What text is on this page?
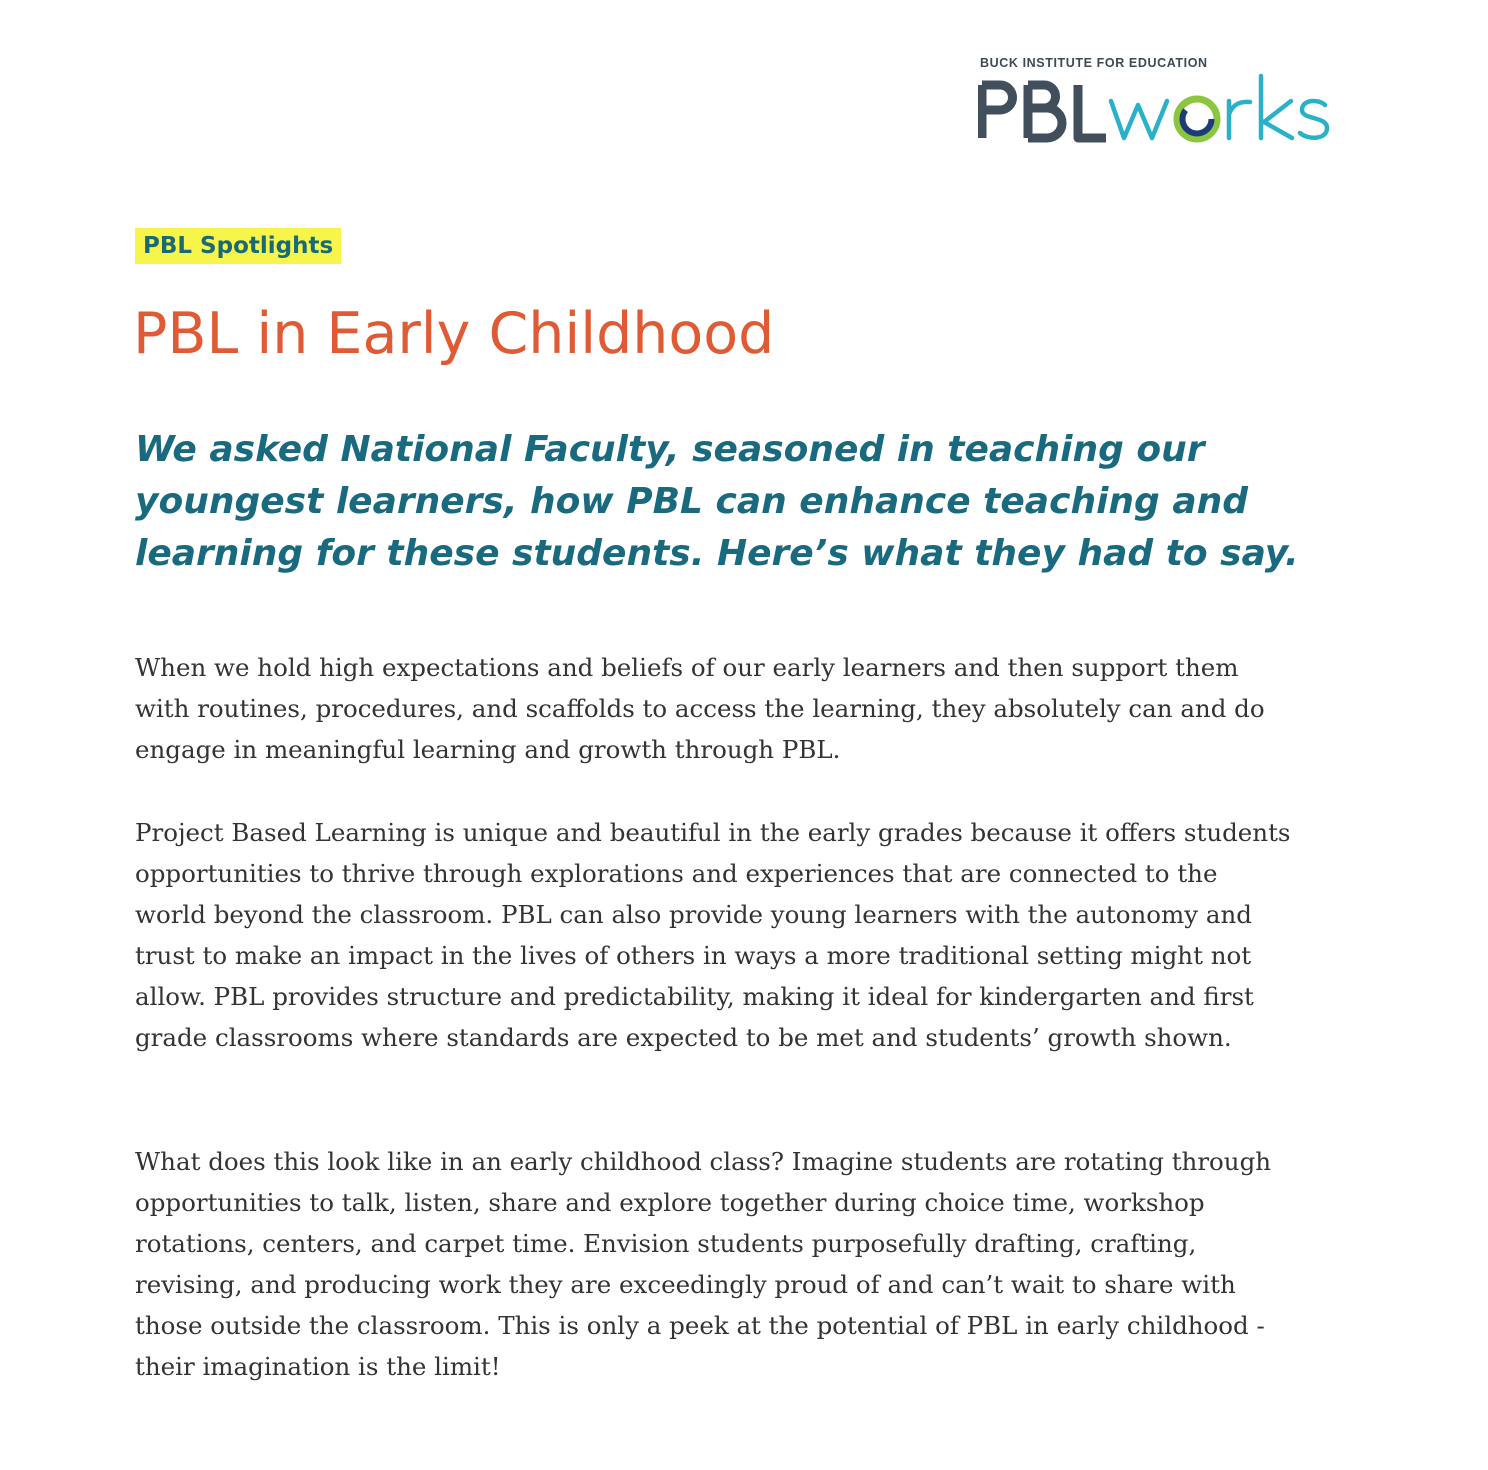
BUCK INSTITUTE FOR EDUCATION
PBL Spotlights
PBL in Early Childhood

We asked National Faculty, seasoned in teaching our youngest learners, how PBL can enhance teaching and learning for these students. Here’s what they had to say.

When we hold high expectations and beliefs of our early learners and then support them with routines, procedures, and scaffolds to access the learning, they absolutely can and do engage in meaningful learning and growth through PBL.

Project Based Learning is unique and beautiful in the early grades because it offers students opportunities to thrive through explorations and experiences that are connected to the world beyond the classroom. PBL can also provide young learners with the autonomy and trust to make an impact in the lives of others in ways a more traditional setting might not allow. PBL provides structure and predictability, making it ideal for kindergarten and first grade classrooms where standards are expected to be met and students’ growth shown.

What does this look like in an early childhood class? Imagine students are rotating through opportunities to talk, listen, share and explore together during choice time, workshop rotations, centers, and carpet time. Envision students purposefully drafting, crafting, revising, and producing work they are exceedingly proud of and can’t wait to share with those outside the classroom. This is only a peek at the potential of PBL in early childhood - their imagination is the limit!
